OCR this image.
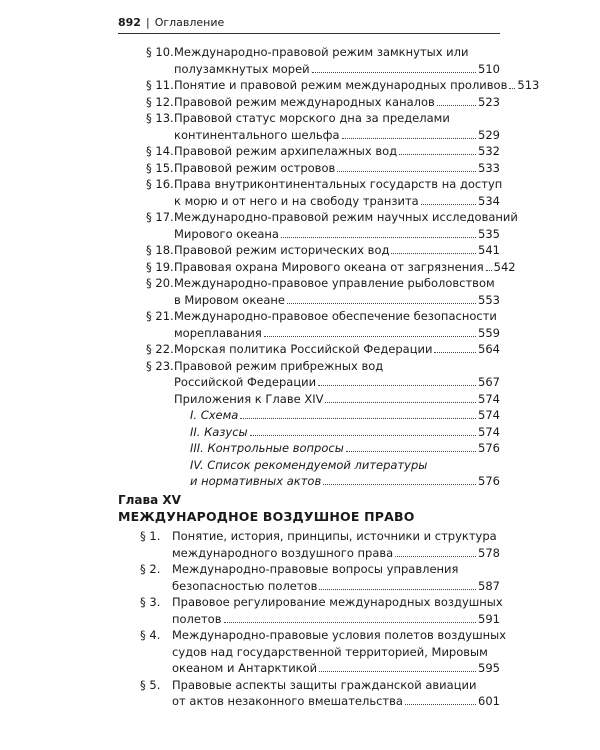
892 | Оглавление
Глава XV
МЕЖДУНАРОДНОЕ ВОЗДУШНОЕ ПРАВО
§ 10. Международно-правовой режим замкнутых или
полузамкнутых морей	510
§ 11. Понятие и правовой режим международных проливов 513
§ 12. Правовой режим международных каналов	523
§ 13. Правовой статус морского дна за пределами
континентального шельфа	529
§ 14. Правовой режим архипелажных вод	532
§ 15. Правовой режим островов	533
§ 16. Права внутриконтинентальных государств на доступ
к морю и от него и на свободу транзита	534
§ 17. Международно-правовой режим научных исследований
Мирового океана	535
§ 18. Правовой режим исторических вод	541
§ 19. Правовая охрана Мирового океана от загрязнения 542
§ 20. Международно-правовое управление рыболовством
в Мировом океане	553
§ 21. Международно-правовое обеспечение безопасности
мореплавания	559
§ 22. Морская политика Российской Федерации	564
§ 23. Правовой режим прибрежных вод
Российской Федерации	567
Приложения к Главе XIV	574
I. Схема	574
II. Казусы	574
III. Контрольные вопросы	576
IV. Список рекомендуемой литературы
и нормативных актов	576
§ 1. Понятие, история, принципы, источники и структура
международного воздушного права	578
§ 2. Международно-правовые вопросы управления
безопасностью полетов	587
§ 3. Правовое регулирование международных воздушных
полетов	591
§ 4. Международно-правовые условия полетов воздушных
судов над государственной территорией, Мировым
океаном и Антарктикой	595
§ 5. Правовые аспекты защиты гражданской авиации
от актов незаконного вмешательства	601
